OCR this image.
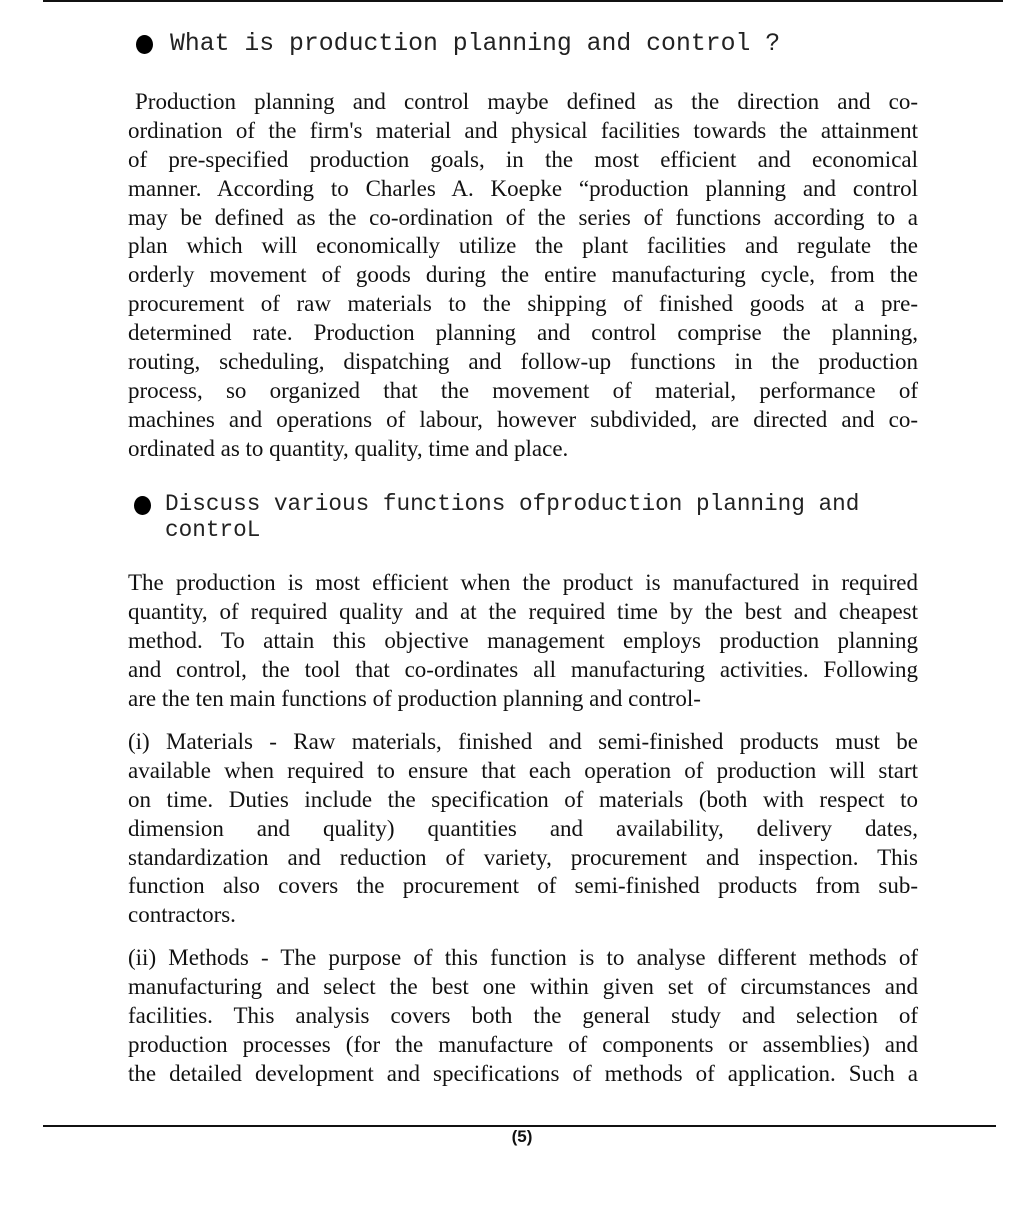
What is production planning and control ?
Production planning and control maybe defined as the direction and co-
ordination of the firm's material and physical facilities towards the attainment
of pre-specified production goals, in the most efficient and economical
manner. According to Charles A. Koepke “production planning and control
may be defined as the co-ordination of the series of functions according to a
plan which will economically utilize the plant facilities and regulate the
orderly movement of goods during the entire manufacturing cycle, from the
procurement of raw materials to the shipping of finished goods at a pre-
determined rate. Production planning and control comprise the planning,
routing, scheduling, dispatching and follow-up functions in the production
process, so organized that the movement of material, performance of
machines and operations of labour, however subdivided, are directed and co-
ordinated as to quantity, quality, time and place.
Discuss various functions ofproduction planning and
controL
The production is most efficient when the product is manufactured in required
quantity, of required quality and at the required time by the best and cheapest
method. To attain this objective management employs production planning
and control, the tool that co-ordinates all manufacturing activities. Following
are the ten main functions of production planning and control-
(i) Materials - Raw materials, finished and semi-finished products must be
available when required to ensure that each operation of production will start
on time. Duties include the specification of materials (both with respect to
dimension and quality) quantities and availability, delivery dates,
standardization and reduction of variety, procurement and inspection. This
function also covers the procurement of semi-finished products from sub-
contractors.
(ii) Methods - The purpose of this function is to analyse different methods of
manufacturing and select the best one within given set of circumstances and
facilities. This analysis covers both the general study and selection of
production processes (for the manufacture of components or assemblies) and
the detailed development and specifications of methods of application. Such a
(5)
